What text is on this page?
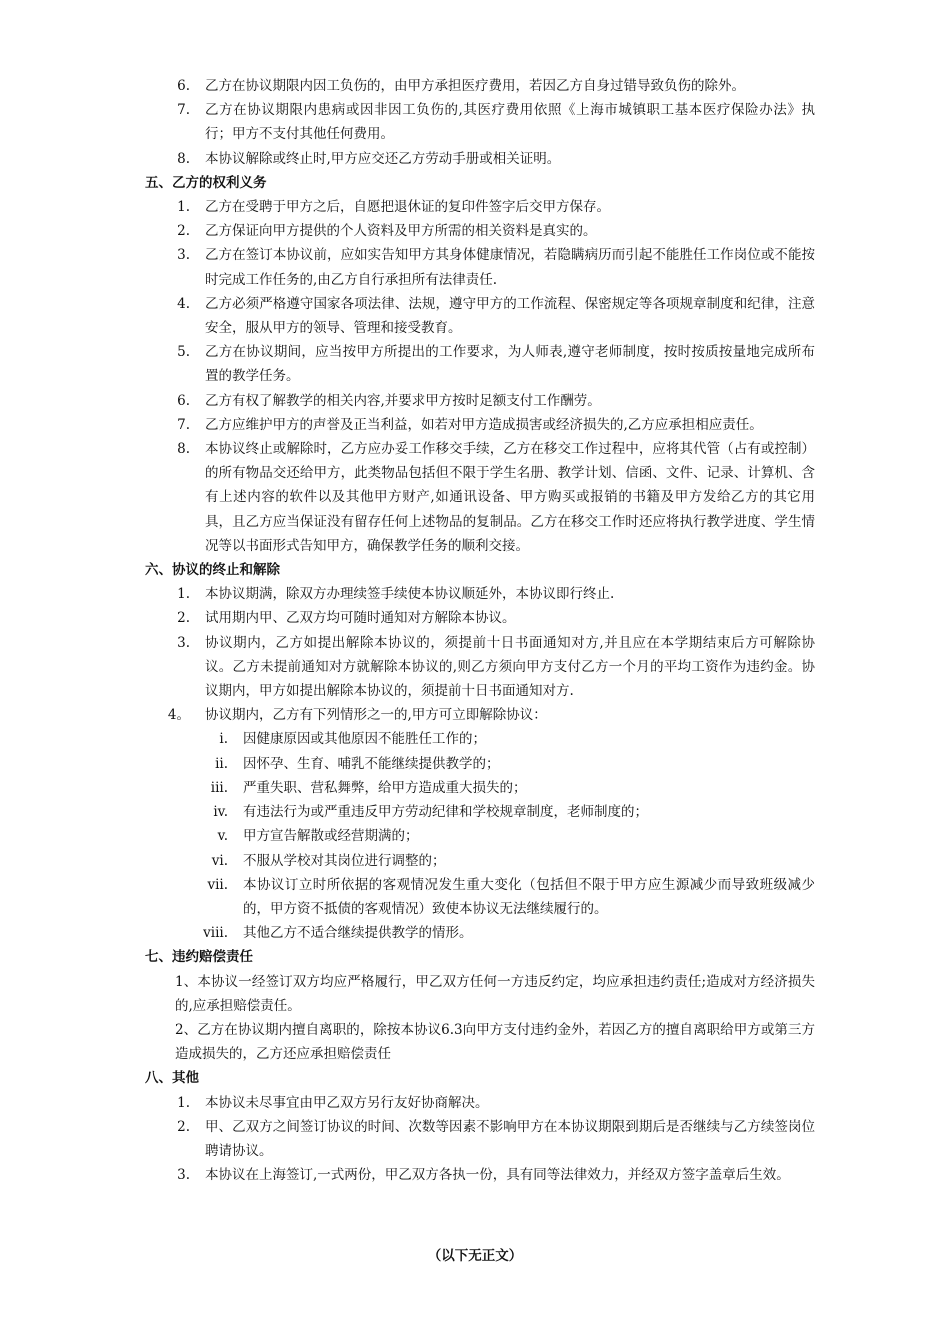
6.	乙方在协议期限内因工负伤的，由甲方承担医疗费用，若因乙方自身过错导致负伤的除外。
7.	乙方在协议期限内患病或因非因工负伤的,其医疗费用依照《上海市城镇职工基本医疗保险办法》执行；甲方不支付其他任何费用。
8.	本协议解除或终止时,甲方应交还乙方劳动手册或相关证明。
五、乙方的权利义务
1.	乙方在受聘于甲方之后，自愿把退休证的复印件签字后交甲方保存。
2.	乙方保证向甲方提供的个人资料及甲方所需的相关资料是真实的。
3.	乙方在签订本协议前，应如实告知甲方其身体健康情况，若隐瞒病历而引起不能胜任工作岗位或不能按时完成工作任务的,由乙方自行承担所有法律责任.
4.	乙方必须严格遵守国家各项法律、法规，遵守甲方的工作流程、保密规定等各项规章制度和纪律，注意安全，服从甲方的领导、管理和接受教育。
5.	乙方在协议期间，应当按甲方所提出的工作要求，为人师表,遵守老师制度，按时按质按量地完成所布置的教学任务。
6.	乙方有权了解教学的相关内容,并要求甲方按时足额支付工作酬劳。
7.	乙方应维护甲方的声誉及正当利益，如若对甲方造成损害或经济损失的,乙方应承担相应责任。
8.	本协议终止或解除时，乙方应办妥工作移交手续，乙方在移交工作过程中，应将其代管（占有或控制）的所有物品交还给甲方，此类物品包括但不限于学生名册、教学计划、信函、文件、记录、计算机、含有上述内容的软件以及其他甲方财产,如通讯设备、甲方购买或报销的书籍及甲方发给乙方的其它用具，且乙方应当保证没有留存任何上述物品的复制品。乙方在移交工作时还应将执行教学进度、学生情况等以书面形式告知甲方，确保教学任务的顺利交接。
六、协议的终止和解除
1.	本协议期满，除双方办理续签手续使本协议顺延外，本协议即行终止.
2.	试用期内甲、乙双方均可随时通知对方解除本协议。
3.	协议期内，乙方如提出解除本协议的，须提前十日书面通知对方,并且应在本学期结束后方可解除协议。乙方未提前通知对方就解除本协议的,则乙方须向甲方支付乙方一个月的平均工资作为违约金。协议期内，甲方如提出解除本协议的，须提前十日书面通知对方.
4。	协议期内，乙方有下列情形之一的,甲方可立即解除协议：
i.	因健康原因或其他原因不能胜任工作的；
ii.	因怀孕、生育、哺乳不能继续提供教学的；
iii.	严重失职、营私舞弊，给甲方造成重大损失的；
iv.	有违法行为或严重违反甲方劳动纪律和学校规章制度，老师制度的；
v.	甲方宣告解散或经营期满的；
vi.	不服从学校对其岗位进行调整的；
vii.	本协议订立时所依据的客观情况发生重大变化（包括但不限于甲方应生源减少而导致班级减少的，甲方资不抵债的客观情况）致使本协议无法继续履行的。
viii.	其他乙方不适合继续提供教学的情形。
七、违约赔偿责任
1、本协议一经签订双方均应严格履行，甲乙双方任何一方违反约定，均应承担违约责任;造成对方经济损失的,应承担赔偿责任。
2、乙方在协议期内擅自离职的，除按本协议6.3向甲方支付违约金外，若因乙方的擅自离职给甲方或第三方造成损失的，乙方还应承担赔偿责任
八、其他
1.	本协议未尽事宜由甲乙双方另行友好协商解决。
2.	甲、乙双方之间签订协议的时间、次数等因素不影响甲方在本协议期限到期后是否继续与乙方续签岗位聘请协议。
3.	本协议在上海签订,一式两份，甲乙双方各执一份，具有同等法律效力，并经双方签字盖章后生效。
（以下无正文）
